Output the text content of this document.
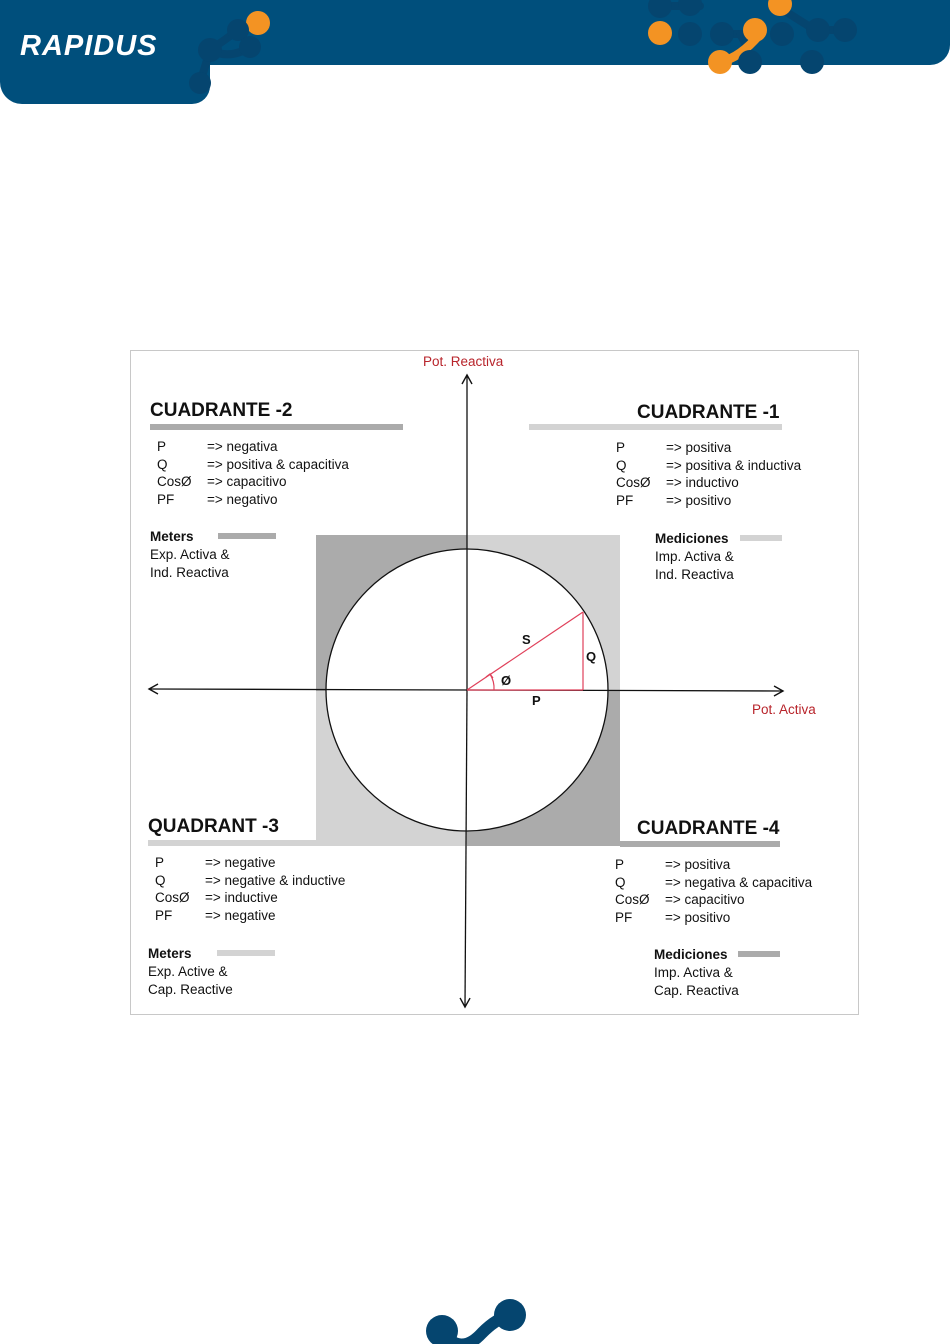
RAPIDUS
Pot. Reactiva
Pot. Activa
S
Q
P
Ø
CUADRANTE -2
P	=> negativa
Q	=> positiva & capacitiva
CosØ	=> capacitivo
PF	=> negativo
Meters
Exp. Activa &
Ind. Reactiva
CUADRANTE -1
P	=> positiva
Q	=> positiva & inductiva
CosØ	=> inductivo
PF	=> positivo
Mediciones
Imp. Activa &
Ind. Reactiva
QUADRANT -3
P	=> negative
Q	=> negative & inductive
CosØ	=> inductive
PF	=> negative
Meters
Exp. Active &
Cap. Reactive
CUADRANTE -4
P	=> positiva
Q	=> negativa & capacitiva
CosØ	=> capacitivo
PF	=> positivo
Mediciones
Imp. Activa &
Cap. Reactiva
